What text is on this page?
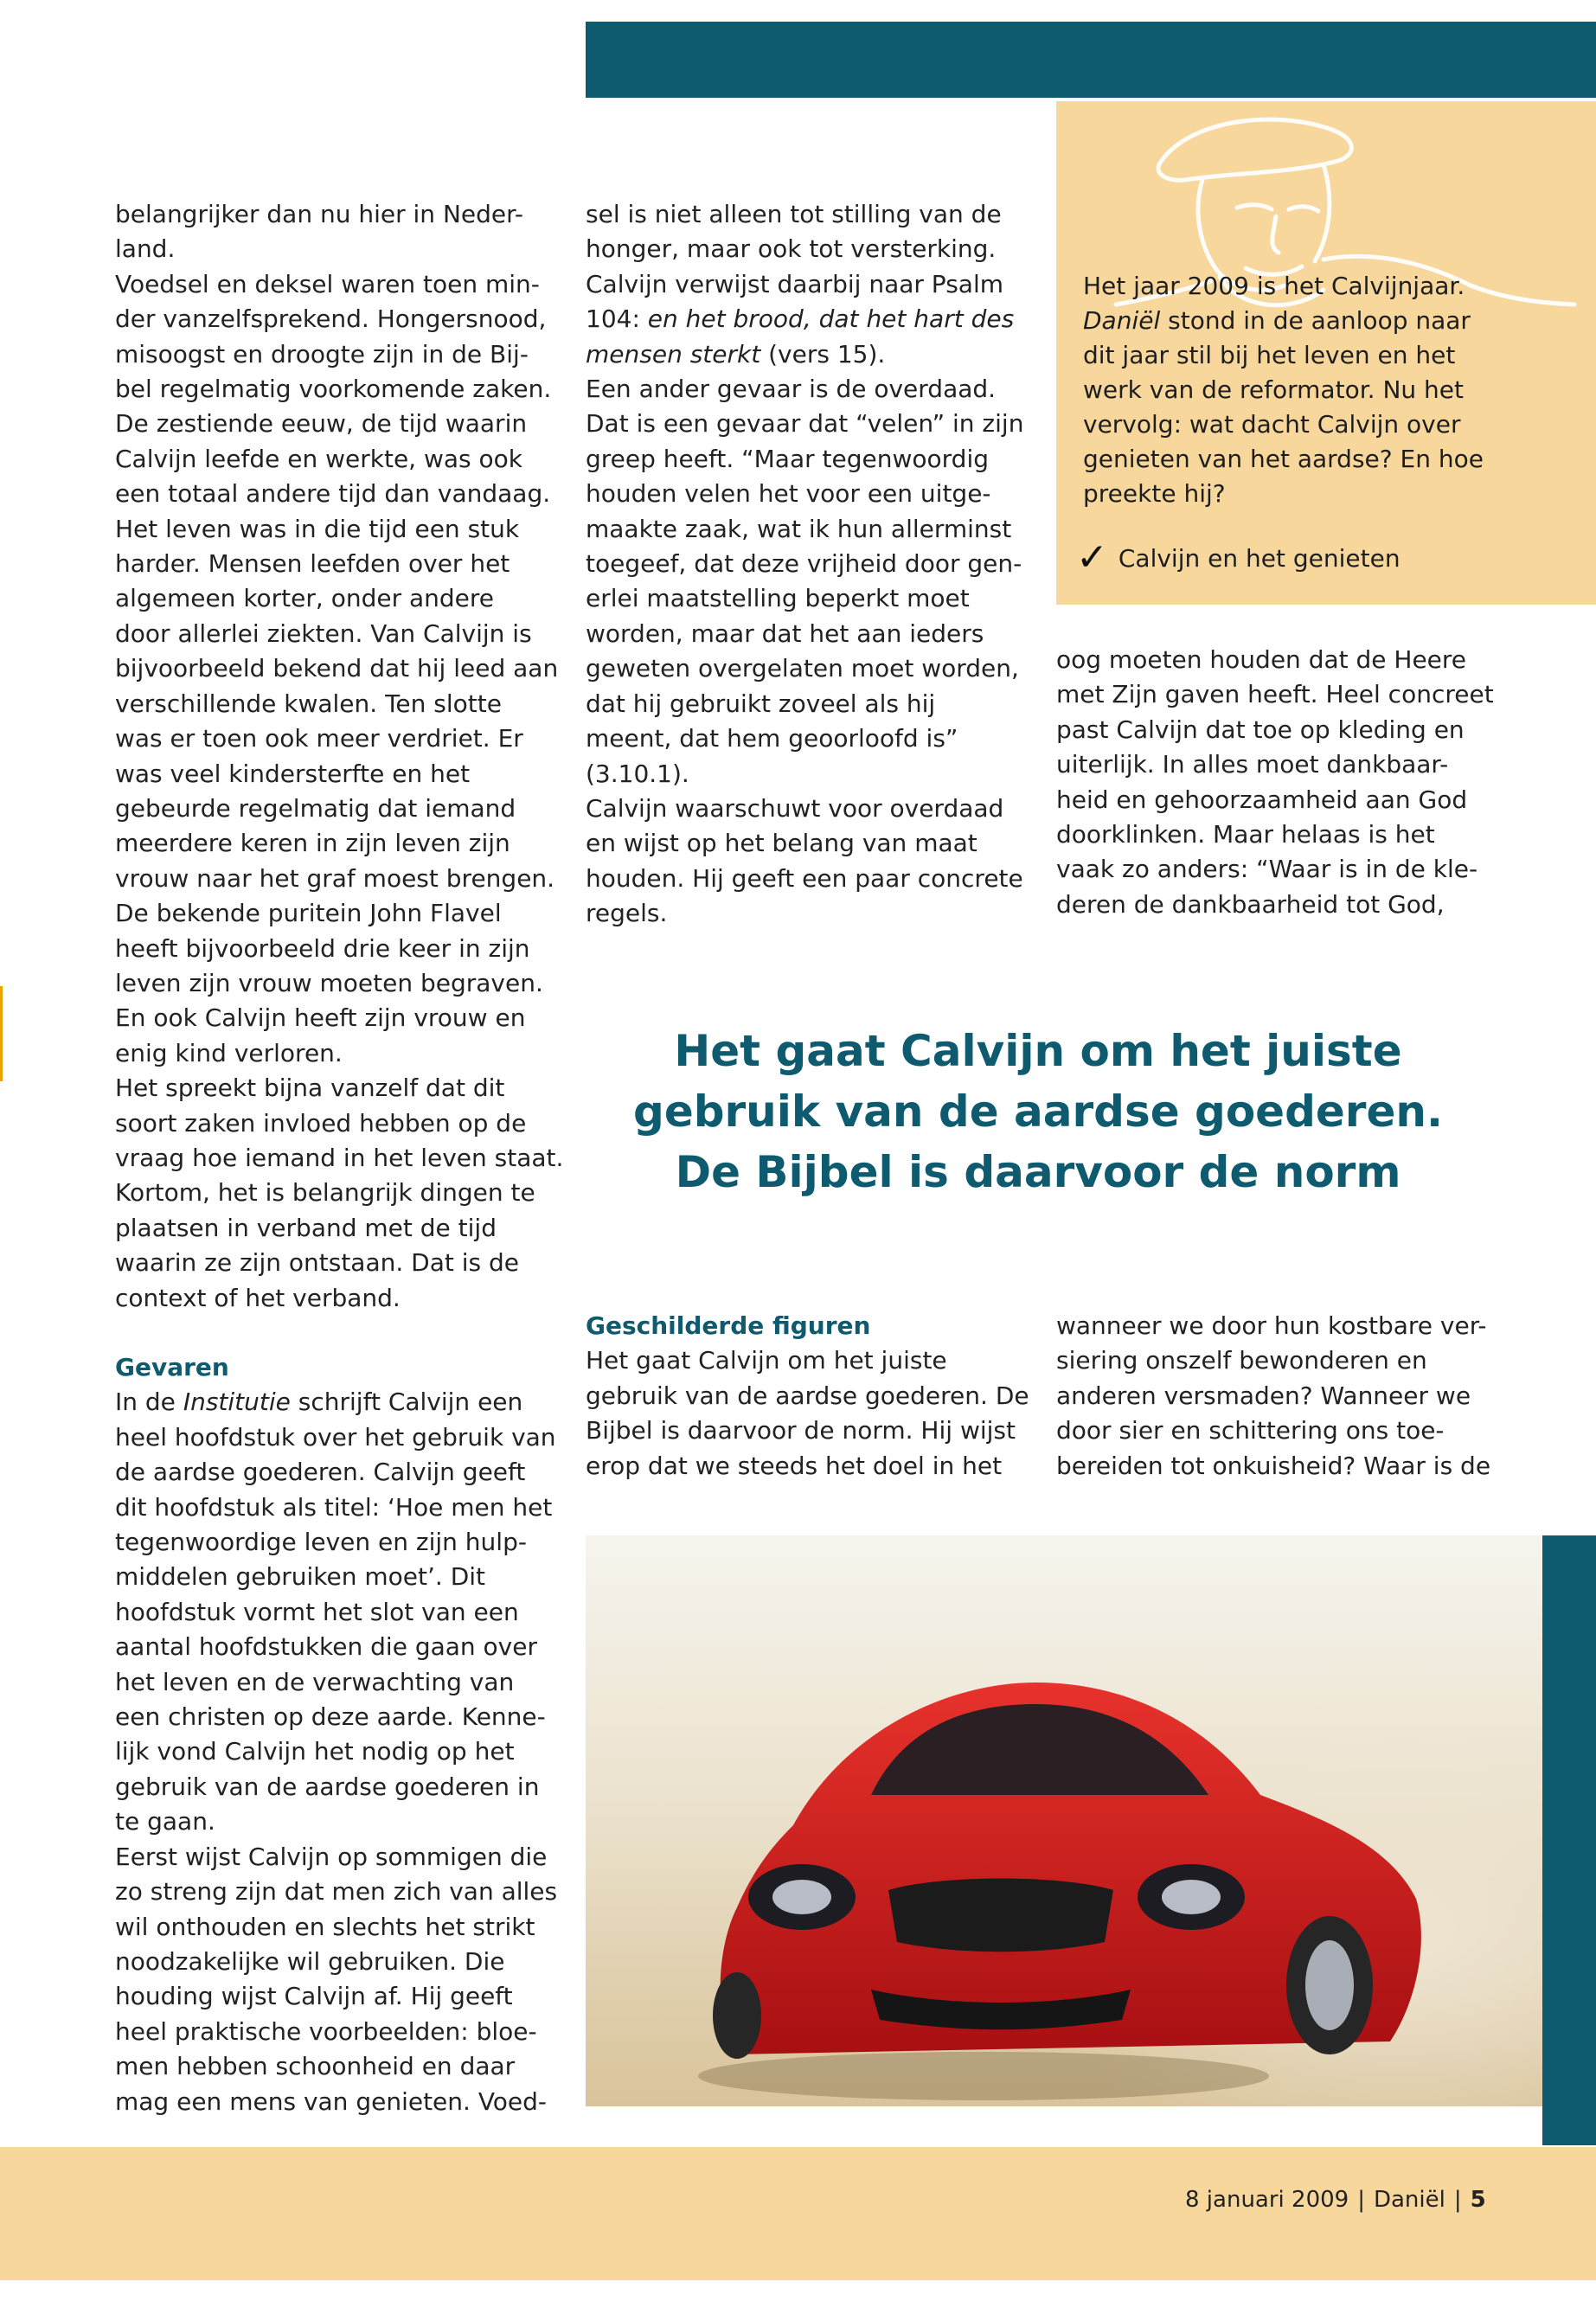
Het jaar 2009 is het Calvijnjaar.

Daniël stond in de aanloop naar

dit jaar stil bij het leven en het

werk van de reformator. Nu het

vervolg: wat dacht Calvijn over

genieten van het aardse? En hoe

preekte hij?

✓ Calvijn en het genieten

belangrijker dan nu hier in Neder-

land.

Voedsel en deksel waren toen min-

der vanzelfsprekend. Hongersnood,

misoogst en droogte zijn in de Bij-

bel regelmatig voorkomende zaken.

De zestiende eeuw, de tijd waarin

Calvijn leefde en werkte, was ook

een totaal andere tijd dan vandaag.

Het leven was in die tijd een stuk

harder. Mensen leefden over het

algemeen korter, onder andere

door allerlei ziekten. Van Calvijn is

bijvoorbeeld bekend dat hij leed aan

verschillende kwalen. Ten slotte

was er toen ook meer verdriet. Er

was veel kindersterfte en het

gebeurde regelmatig dat iemand

meerdere keren in zijn leven zijn

vrouw naar het graf moest brengen.

De bekende puritein John Flavel

heeft bijvoorbeeld drie keer in zijn

leven zijn vrouw moeten begraven.

En ook Calvijn heeft zijn vrouw en

enig kind verloren.

Het spreekt bijna vanzelf dat dit

soort zaken invloed hebben op de

vraag hoe iemand in het leven staat.

Kortom, het is belangrijk dingen te

plaatsen in verband met de tijd

waarin ze zijn ontstaan. Dat is de

context of het verband.

Gevaren

In de Institutie schrijft Calvijn een

heel hoofdstuk over het gebruik van

de aardse goederen. Calvijn geeft

dit hoofdstuk als titel: ‘Hoe men het

tegenwoordige leven en zijn hulp-

middelen gebruiken moet’. Dit

hoofdstuk vormt het slot van een

aantal hoofdstukken die gaan over

het leven en de verwachting van

een christen op deze aarde. Kenne-

lijk vond Calvijn het nodig op het

gebruik van de aardse goederen in

te gaan.

Eerst wijst Calvijn op sommigen die

zo streng zijn dat men zich van alles

wil onthouden en slechts het strikt

noodzakelijke wil gebruiken. Die

houding wijst Calvijn af. Hij geeft

heel praktische voorbeelden: bloe-

men hebben schoonheid en daar

mag een mens van genieten. Voed-

sel is niet alleen tot stilling van de

honger, maar ook tot versterking.

Calvijn verwijst daarbij naar Psalm

104: en het brood, dat het hart des

mensen sterkt (vers 15).

Een ander gevaar is de overdaad.

Dat is een gevaar dat “velen” in zijn

greep heeft. “Maar tegenwoordig

houden velen het voor een uitge-

maakte zaak, wat ik hun allerminst

toegeef, dat deze vrijheid door gen-

erlei maatstelling beperkt moet

worden, maar dat het aan ieders

geweten overgelaten moet worden,

dat hij gebruikt zoveel als hij

meent, dat hem geoorloofd is”

(3.10.1).

Calvijn waarschuwt voor overdaad

en wijst op het belang van maat

houden. Hij geeft een paar concrete

regels.

oog moeten houden dat de Heere

met Zijn gaven heeft. Heel concreet

past Calvijn dat toe op kleding en

uiterlijk. In alles moet dankbaar-

heid en gehoorzaamheid aan God

doorklinken. Maar helaas is het

vaak zo anders: “Waar is in de kle-

deren de dankbaarheid tot God,

Het gaat Calvijn om het juiste
gebruik van de aardse goederen.
De Bijbel is daarvoor de norm

Geschilderde figuren

Het gaat Calvijn om het juiste

gebruik van de aardse goederen. De

Bijbel is daarvoor de norm. Hij wijst

erop dat we steeds het doel in het

wanneer we door hun kostbare ver-

siering onszelf bewonderen en

anderen versmaden? Wanneer we

door sier en schittering ons toe-

bereiden tot onkuisheid? Waar is de

8 januari 2009 | Daniël | 5
